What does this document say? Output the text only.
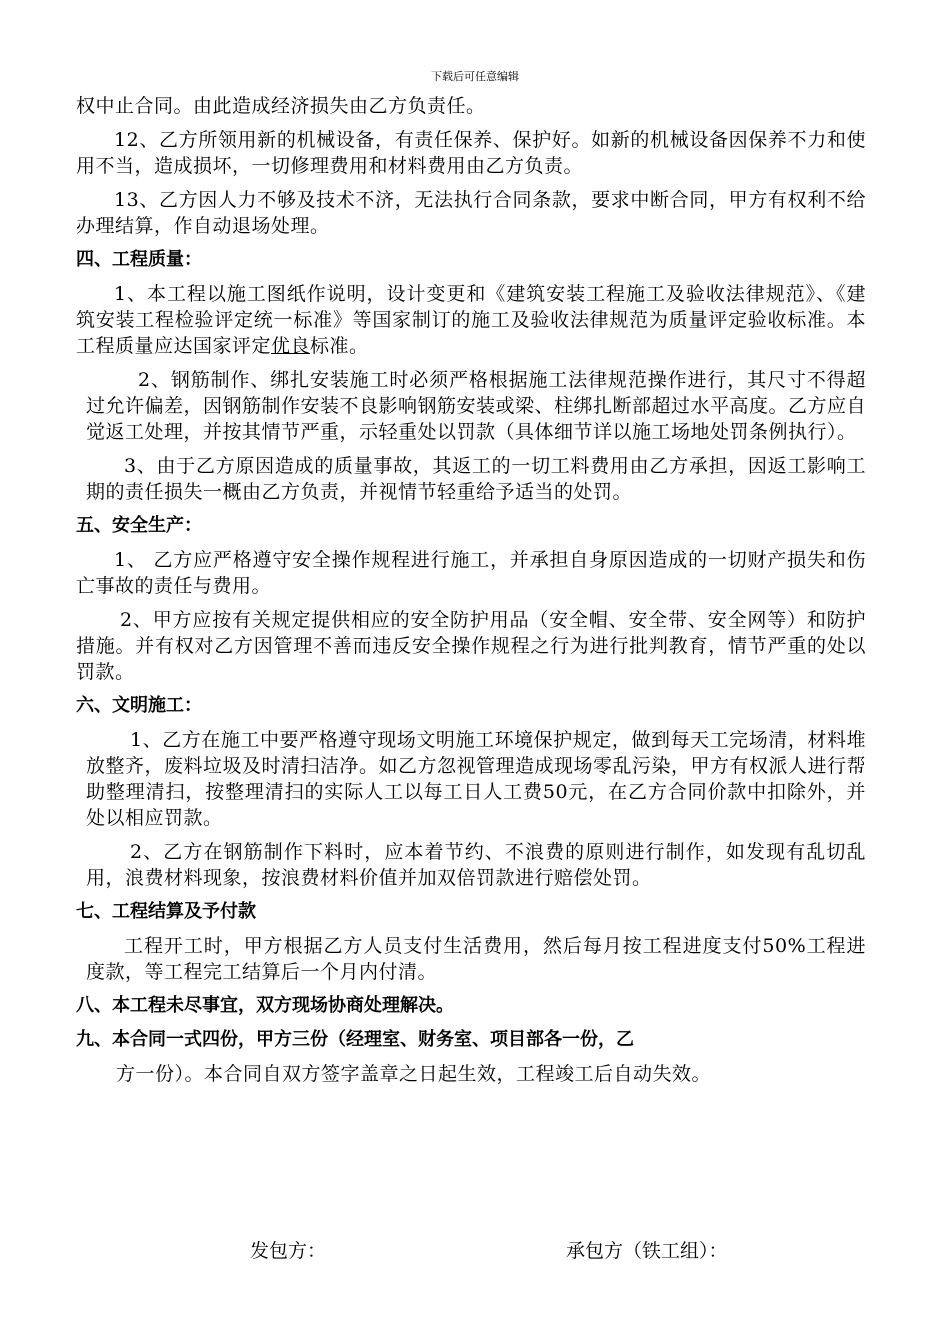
下载后可任意编辑

权中止合同。由此造成经济损失由乙方负责任。

12、乙方所领用新的机械设备，有责任保养、保护好。如新的机械设备因保养不力和使用不当，造成损坏，一切修理费用和材料费用由乙方负责。

13、乙方因人力不够及技术不济，无法执行合同条款，要求中断合同，甲方有权利不给办理结算，作自动退场处理。

四、工程质量：

1、本工程以施工图纸作说明，设计变更和《建筑安装工程施工及验收法律规范》、《建筑安装工程检验评定统一标准》等国家制订的施工及验收法律规范为质量评定验收标准。本工程质量应达国家评定优良标准。

2、钢筋制作、绑扎安装施工时必须严格根据施工法律规范操作进行，其尺寸不得超过允许偏差，因钢筋制作安装不良影响钢筋安装或梁、柱绑扎断部超过水平高度。乙方应自觉返工处理，并按其情节严重，示轻重处以罚款（具体细节详以施工场地处罚条例执行）。

3、由于乙方原因造成的质量事故，其返工的一切工料费用由乙方承担，因返工影响工期的责任损失一概由乙方负责，并视情节轻重给予适当的处罚。

五、安全生产：

1、 乙方应严格遵守安全操作规程进行施工，并承担自身原因造成的一切财产损失和伤亡事故的责任与费用。

2、甲方应按有关规定提供相应的安全防护用品（安全帽、安全带、安全网等）和防护措施。并有权对乙方因管理不善而违反安全操作规程之行为进行批判教育，情节严重的处以罚款。

六、文明施工：

1、乙方在施工中要严格遵守现场文明施工环境保护规定，做到每天工完场清，材料堆放整齐，废料垃圾及时清扫洁净。如乙方忽视管理造成现场零乱污染，甲方有权派人进行帮助整理清扫，按整理清扫的实际人工以每工日人工费50元，在乙方合同价款中扣除外，并处以相应罚款。

2、乙方在钢筋制作下料时，应本着节约、不浪费的原则进行制作，如发现有乱切乱用，浪费材料现象，按浪费材料价值并加双倍罚款进行赔偿处罚。

七、工程结算及予付款

工程开工时，甲方根据乙方人员支付生活费用，然后每月按工程进度支付50%工程进度款，等工程完工结算后一个月内付清。

八、本工程未尽事宜，双方现场协商处理解决。
九、本合同一式四份，甲方三份（经理室、财务室、项目部各一份，乙

方一份）。本合同自双方签字盖章之日起生效，工程竣工后自动失效。

发包方：	承包方（铁工组）：
